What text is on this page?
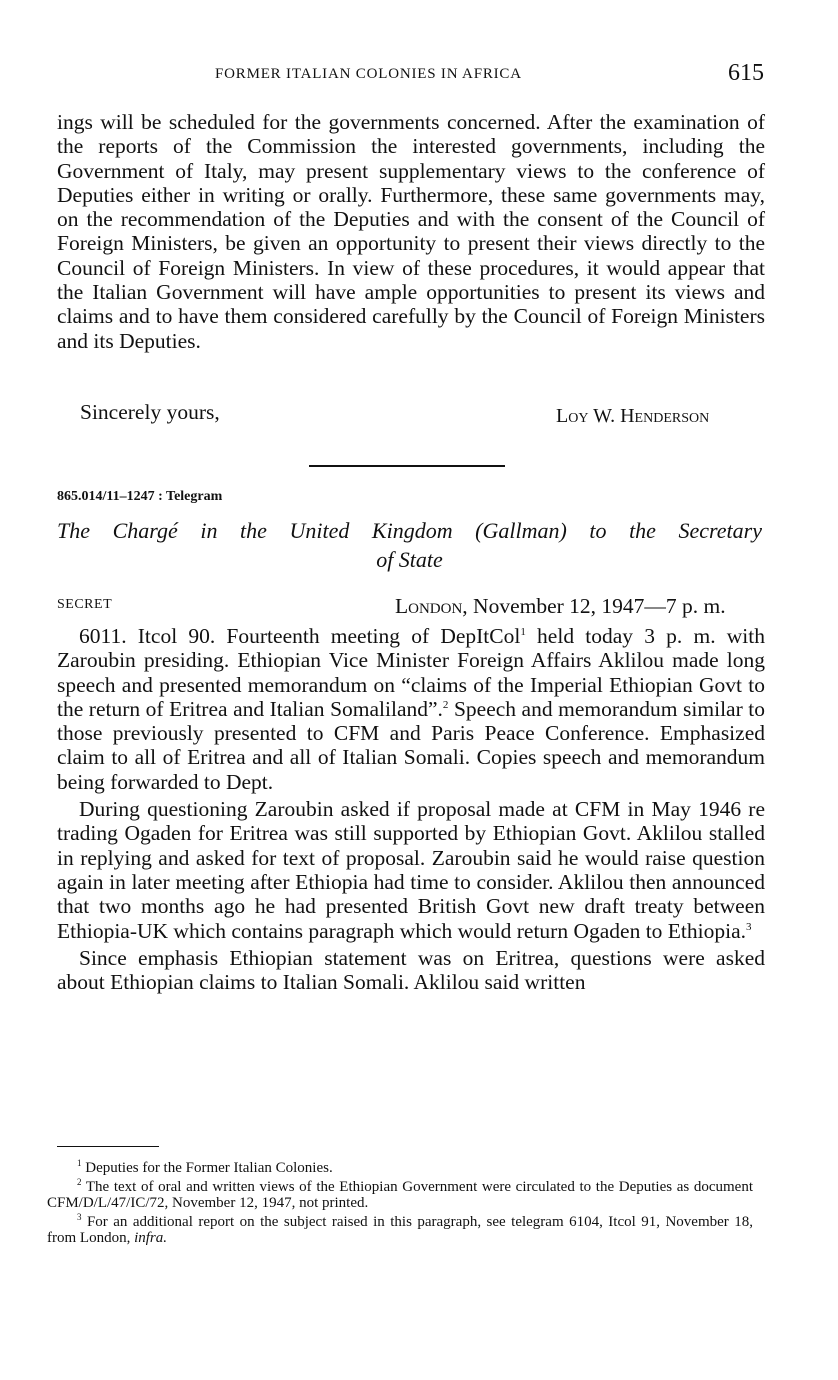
FORMER ITALIAN COLONIES IN AFRICA	615

ings will be scheduled for the governments concerned. After the examination of the reports of the Commission the interested governments, including the Government of Italy, may present supplementary views to the conference of Deputies either in writing or orally. Furthermore, these same governments may, on the recommendation of the Deputies and with the consent of the Council of Foreign Ministers, be given an opportunity to present their views directly to the Council of Foreign Ministers. In view of these procedures, it would appear that the Italian Government will have ample opportunities to present its views and claims and to have them considered carefully by the Council of Foreign Ministers and its Deputies.

Sincerely yours,	Loy W. Henderson
865.014/11–1247 : Telegram
The Chargé in the United Kingdom (Gallman) to the Secretary
of State
SECRET	London, November 12, 1947—7 p. m.

6011. Itcol 90. Fourteenth meeting of DepItCol$^1$ held today 3 p. m. with Zaroubin presiding. Ethiopian Vice Minister Foreign Affairs Aklilou made long speech and presented memorandum on “claims of the Imperial Ethiopian Govt to the return of Eritrea and Italian Somaliland”.$^2$ Speech and memorandum similar to those previously presented to CFM and Paris Peace Conference. Emphasized claim to all of Eritrea and all of Italian Somali. Copies speech and memorandum being forwarded to Dept.

During questioning Zaroubin asked if proposal made at CFM in May 1946 re trading Ogaden for Eritrea was still supported by Ethiopian Govt. Aklilou stalled in replying and asked for text of proposal. Zaroubin said he would raise question again in later meeting after Ethiopia had time to consider. Aklilou then announced that two months ago he had presented British Govt new draft treaty between Ethiopia-UK which contains paragraph which would return Ogaden to Ethiopia.$^3$

Since emphasis Ethiopian statement was on Eritrea, questions were asked about Ethiopian claims to Italian Somali. Aklilou said written

$^1$ Deputies for the Former Italian Colonies.

$^2$ The text of oral and written views of the Ethiopian Government were circulated to the Deputies as document CFM/D/L/47/IC/72, November 12, 1947, not printed.

$^3$ For an additional report on the subject raised in this paragraph, see telegram 6104, Itcol 91, November 18, from London, infra.
